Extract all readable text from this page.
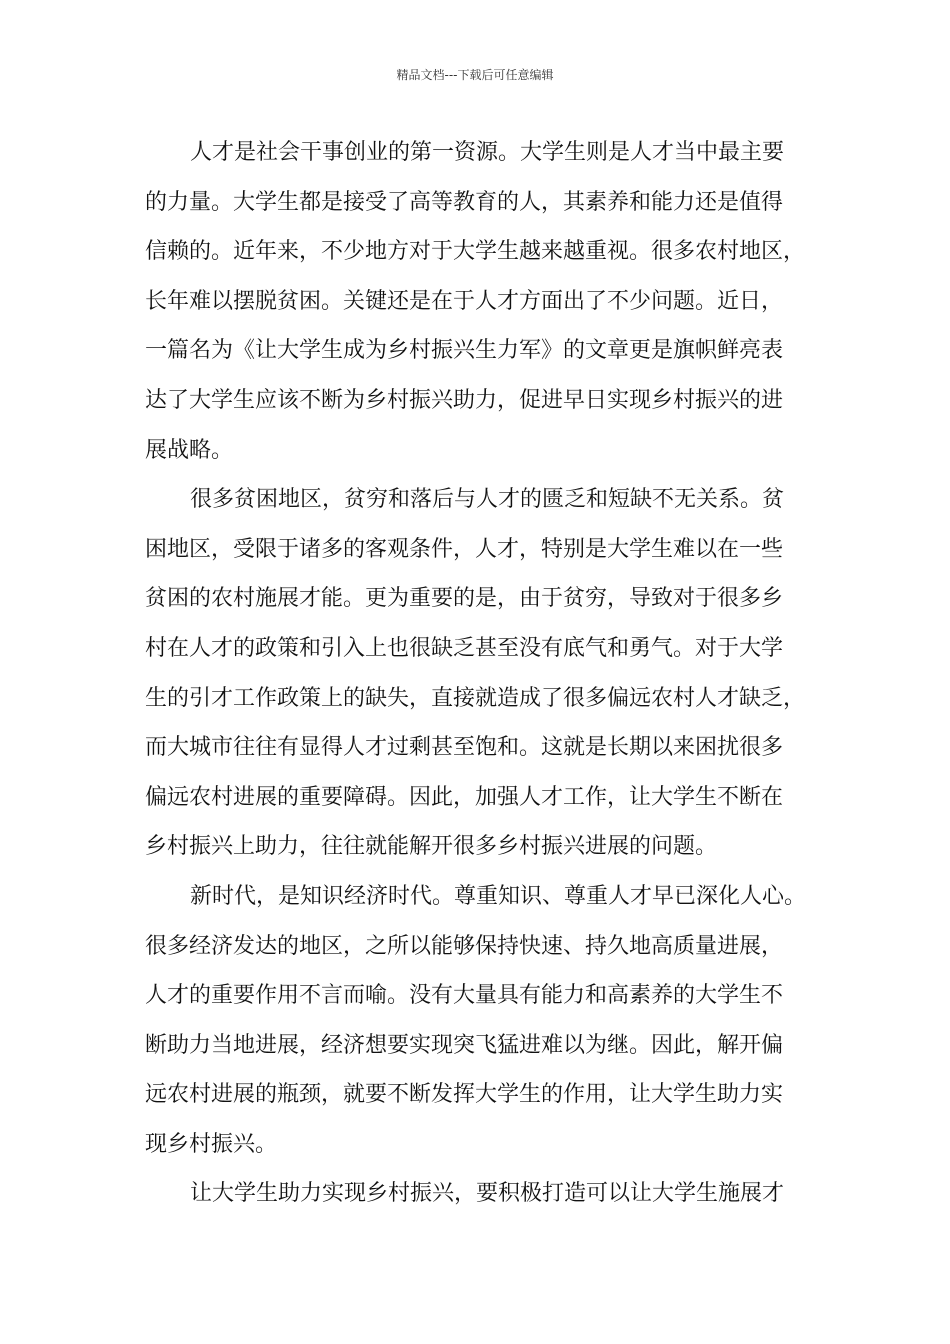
精品文档---下载后可任意编辑
人才是社会干事创业的第一资源。大学生则是人才当中最主要
的力量。大学生都是接受了高等教育的人，其素养和能力还是值得
信赖的。近年来，不少地方对于大学生越来越重视。很多农村地区，
长年难以摆脱贫困。关键还是在于人才方面出了不少问题。近日，
一篇名为《让大学生成为乡村振兴生力军》的文章更是旗帜鲜亮表
达了大学生应该不断为乡村振兴助力，促进早日实现乡村振兴的进
展战略。
很多贫困地区，贫穷和落后与人才的匮乏和短缺不无关系。贫
困地区，受限于诸多的客观条件，人才，特别是大学生难以在一些
贫困的农村施展才能。更为重要的是，由于贫穷，导致对于很多乡
村在人才的政策和引入上也很缺乏甚至没有底气和勇气。对于大学
生的引才工作政策上的缺失，直接就造成了很多偏远农村人才缺乏，
而大城市往往有显得人才过剩甚至饱和。这就是长期以来困扰很多
偏远农村进展的重要障碍。因此，加强人才工作，让大学生不断在
乡村振兴上助力，往往就能解开很多乡村振兴进展的问题。
新时代，是知识经济时代。尊重知识、尊重人才早已深化人心。
很多经济发达的地区，之所以能够保持快速、持久地高质量进展，
人才的重要作用不言而喻。没有大量具有能力和高素养的大学生不
断助力当地进展，经济想要实现突飞猛进难以为继。因此，解开偏
远农村进展的瓶颈，就要不断发挥大学生的作用，让大学生助力实
现乡村振兴。
让大学生助力实现乡村振兴，要积极打造可以让大学生施展才
